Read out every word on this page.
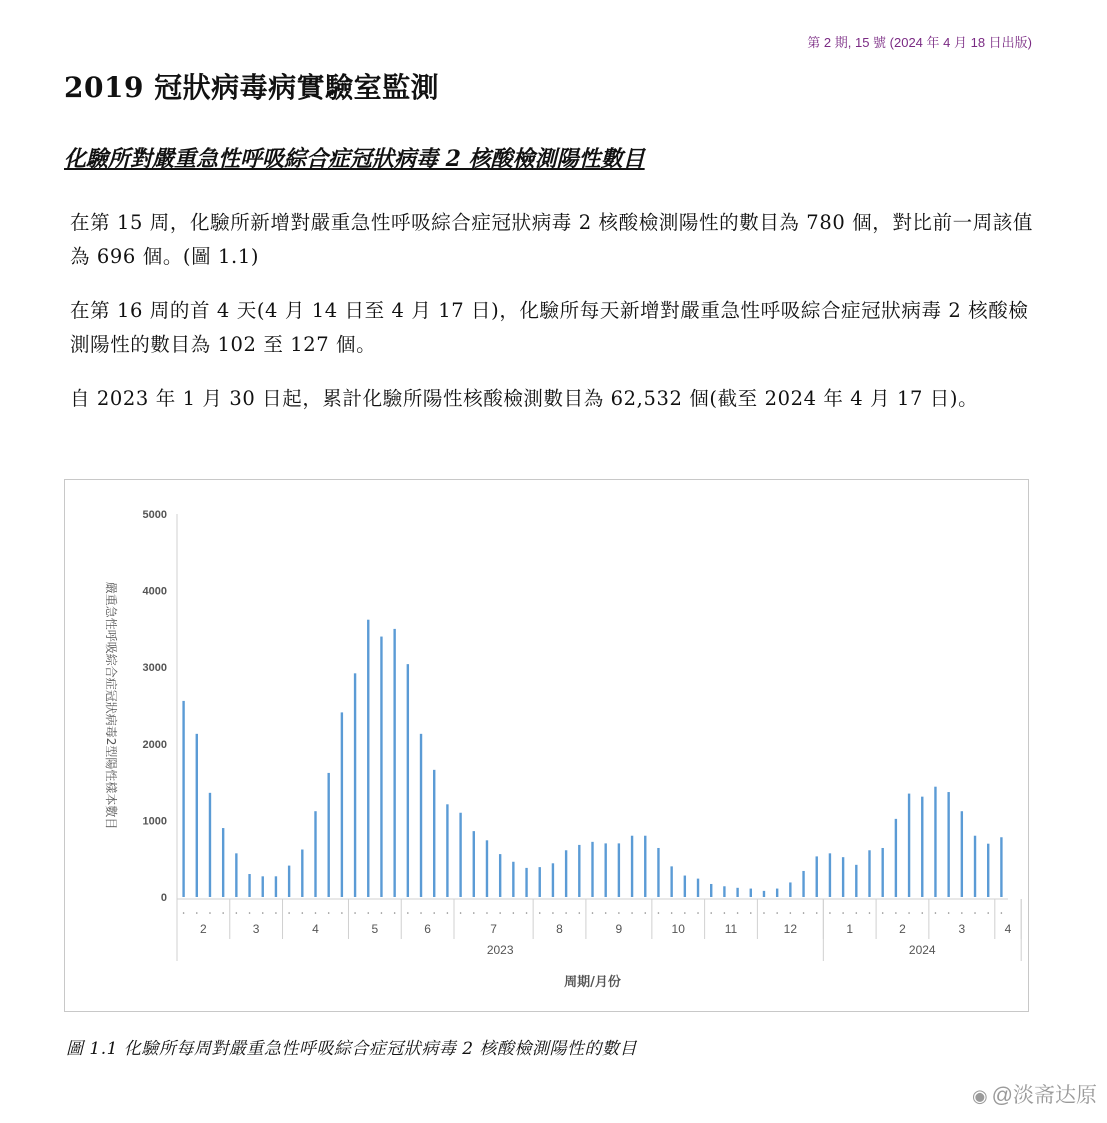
第 2 期, 15 號 (2024 年 4 月 18 日出版)
2019 冠狀病毒病實驗室監測
化驗所對嚴重急性呼吸綜合症冠狀病毒 2 核酸檢測陽性數目

在第 15 周，化驗所新增對嚴重急性呼吸綜合症冠狀病毒 2 核酸檢測陽性的數目為 780 個，對比前一周該值為 696 個。(圖 1.1)

在第 16 周的首 4 天(4 月 14 日至 4 月 17 日)，化驗所每天新增對嚴重急性呼吸綜合症冠狀病毒 2 核酸檢測陽性的數目為 102 至 127 個。

自 2023 年 1 月 30 日起，累計化驗所陽性核酸檢測數目為 62,532 個(截至 2024 年 4 月 17 日)。

0
1000
2000
3000
4000
5000
嚴重急性呼吸綜合症冠狀病毒2型陽性樣本數目
2	3	4	5	6	7	8	9	10	11	12	1	2	3	4
2023	2024
周期/月份

圖 1.1 化驗所每周對嚴重急性呼吸綜合症冠狀病毒 2 核酸檢測陽性的數目

◉ @淡斋达原
